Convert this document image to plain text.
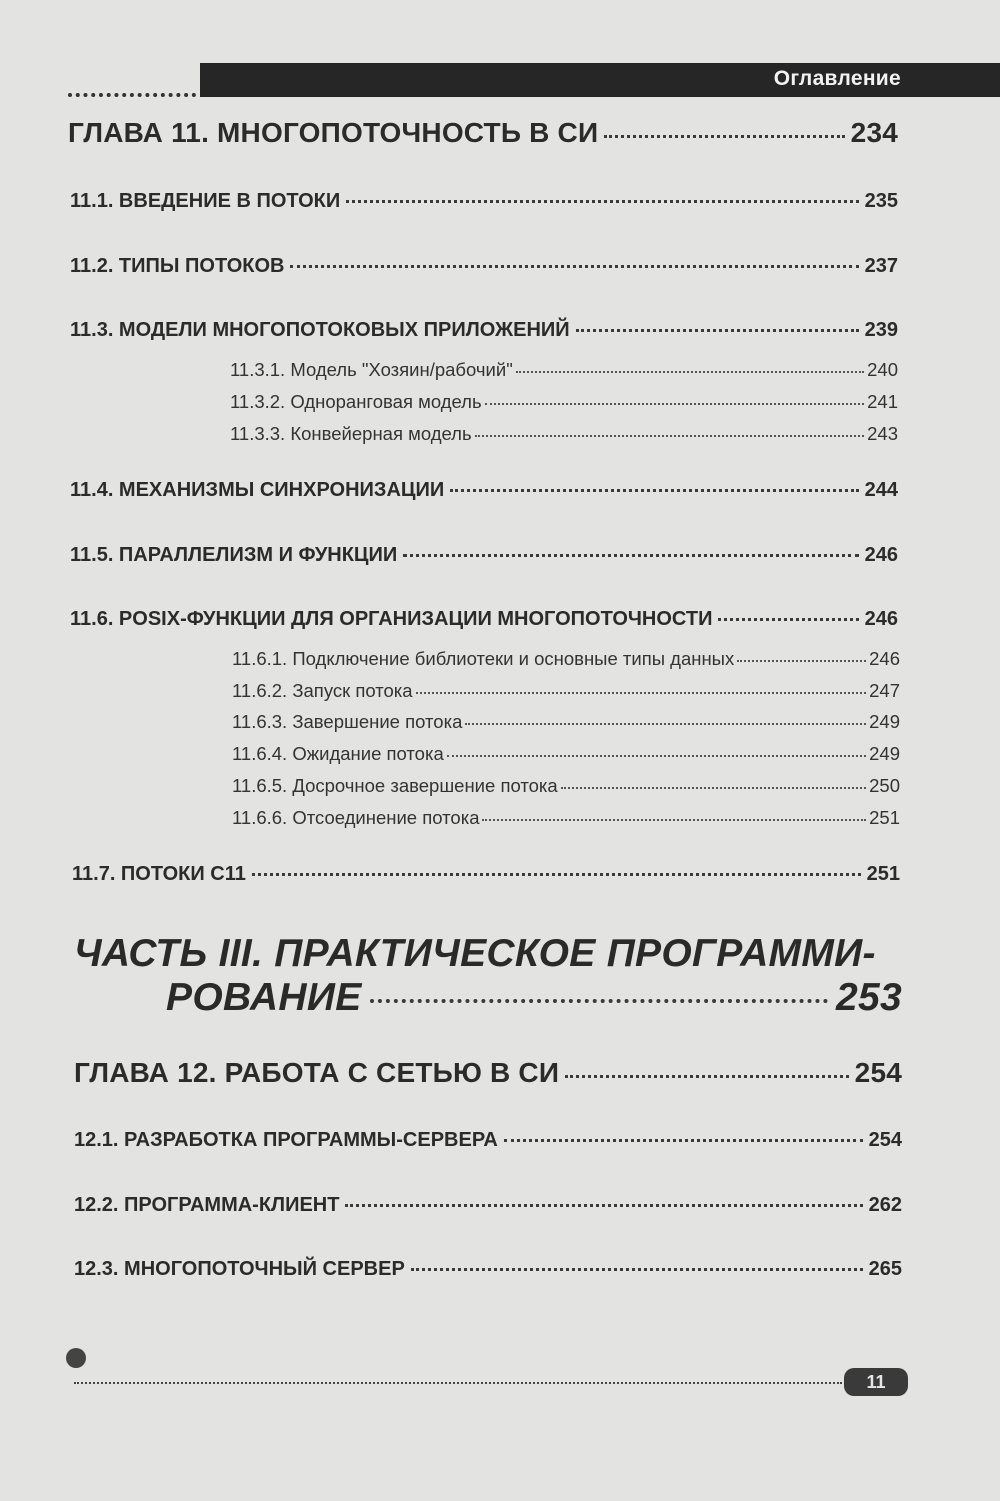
Оглавление
ГЛАВА 11. МНОГОПОТОЧНОСТЬ В СИ	234
11.1. ВВЕДЕНИЕ В ПОТОКИ	235
11.2. ТИПЫ ПОТОКОВ	237
11.3. МОДЕЛИ МНОГОПОТОКОВЫХ ПРИЛОЖЕНИЙ	239
11.3.1. Модель "Хозяин/рабочий"	240
11.3.2. Одноранговая модель	241
11.3.3. Конвейерная модель	243
11.4. МЕХАНИЗМЫ СИНХРОНИЗАЦИИ	244
11.5. ПАРАЛЛЕЛИЗМ И ФУНКЦИИ	246
11.6. POSIX-ФУНКЦИИ ДЛЯ ОРГАНИЗАЦИИ МНОГОПОТОЧНОСТИ	246
11.6.1. Подключение библиотеки и основные типы данных	246
11.6.2. Запуск потока	247
11.6.3. Завершение потока	249
11.6.4. Ожидание потока	249
11.6.5. Досрочное завершение потока	250
11.6.6. Отсоединение потока	251
11.7. ПОТОКИ C11	251
ЧАСТЬ III. ПРАКТИЧЕСКОЕ ПРОГРАММИ-
РОВАНИЕ	253
ГЛАВА 12. РАБОТА С СЕТЬЮ В СИ	254
12.1. РАЗРАБОТКА ПРОГРАММЫ-СЕРВЕРА	254
12.2. ПРОГРАММА-КЛИЕНТ	262
12.3. МНОГОПОТОЧНЫЙ СЕРВЕР	265
11
